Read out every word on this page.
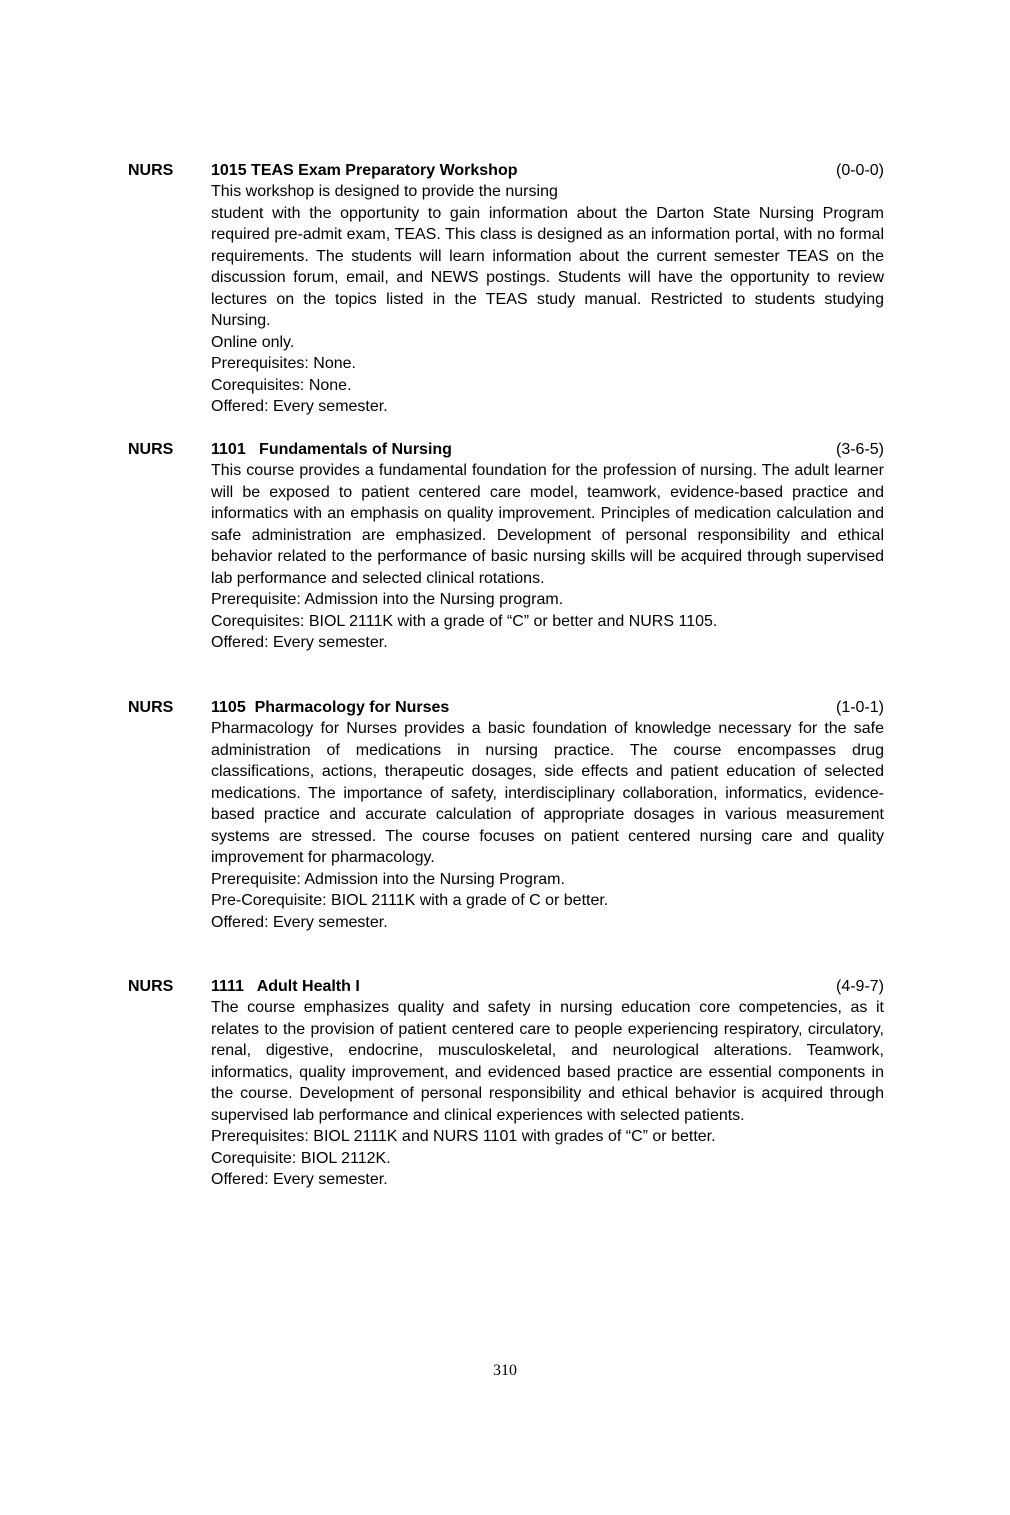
NURS 1015 TEAS Exam Preparatory Workshop	(0-0-0)

This workshop is designed to provide the nursing

student with the opportunity to gain information about the Darton State Nursing Program required pre-admit exam, TEAS. This class is designed as an information portal, with no formal requirements. The students will learn information about the current semester TEAS on the discussion forum, email, and NEWS postings. Students will have the opportunity to review lectures on the topics listed in the TEAS study manual. Restricted to students studying Nursing.

Online only.

Prerequisites: None.

Corequisites: None.

Offered: Every semester.

NURS 1101   Fundamentals of Nursing	(3-6-5)

This course provides a fundamental foundation for the profession of nursing. The adult learner will be exposed to patient centered care model, teamwork, evidence-based practice and informatics with an emphasis on quality improvement. Principles of medication calculation and safe administration are emphasized. Development of personal responsibility and ethical behavior related to the performance of basic nursing skills will be acquired through supervised lab performance and selected clinical rotations.

Prerequisite: Admission into the Nursing program.

Corequisites: BIOL 2111K with a grade of “C” or better and NURS 1105.

Offered: Every semester.

NURS 1105  Pharmacology for Nurses	(1-0-1)

Pharmacology for Nurses provides a basic foundation of knowledge necessary for the safe administration of medications in nursing practice. The course encompasses drug classifications, actions, therapeutic dosages, side effects and patient education of selected medications. The importance of safety, interdisciplinary collaboration, informatics, evidence-based practice and accurate calculation of appropriate dosages in various measurement systems are stressed. The course focuses on patient centered nursing care and quality improvement for pharmacology.

Prerequisite: Admission into the Nursing Program.

Pre-Corequisite: BIOL 2111K with a grade of C or better.

Offered: Every semester.

NURS 1111   Adult Health I	(4-9-7)

The course emphasizes quality and safety in nursing education core competencies, as it relates to the provision of patient centered care to people experiencing respiratory, circulatory, renal, digestive, endocrine, musculoskeletal, and neurological alterations. Teamwork, informatics, quality improvement, and evidenced based practice are essential components in the course. Development of personal responsibility and ethical behavior is acquired through supervised lab performance and clinical experiences with selected patients.

Prerequisites: BIOL 2111K and NURS 1101 with grades of “C” or better.

Corequisite: BIOL 2112K.

Offered: Every semester.

310
